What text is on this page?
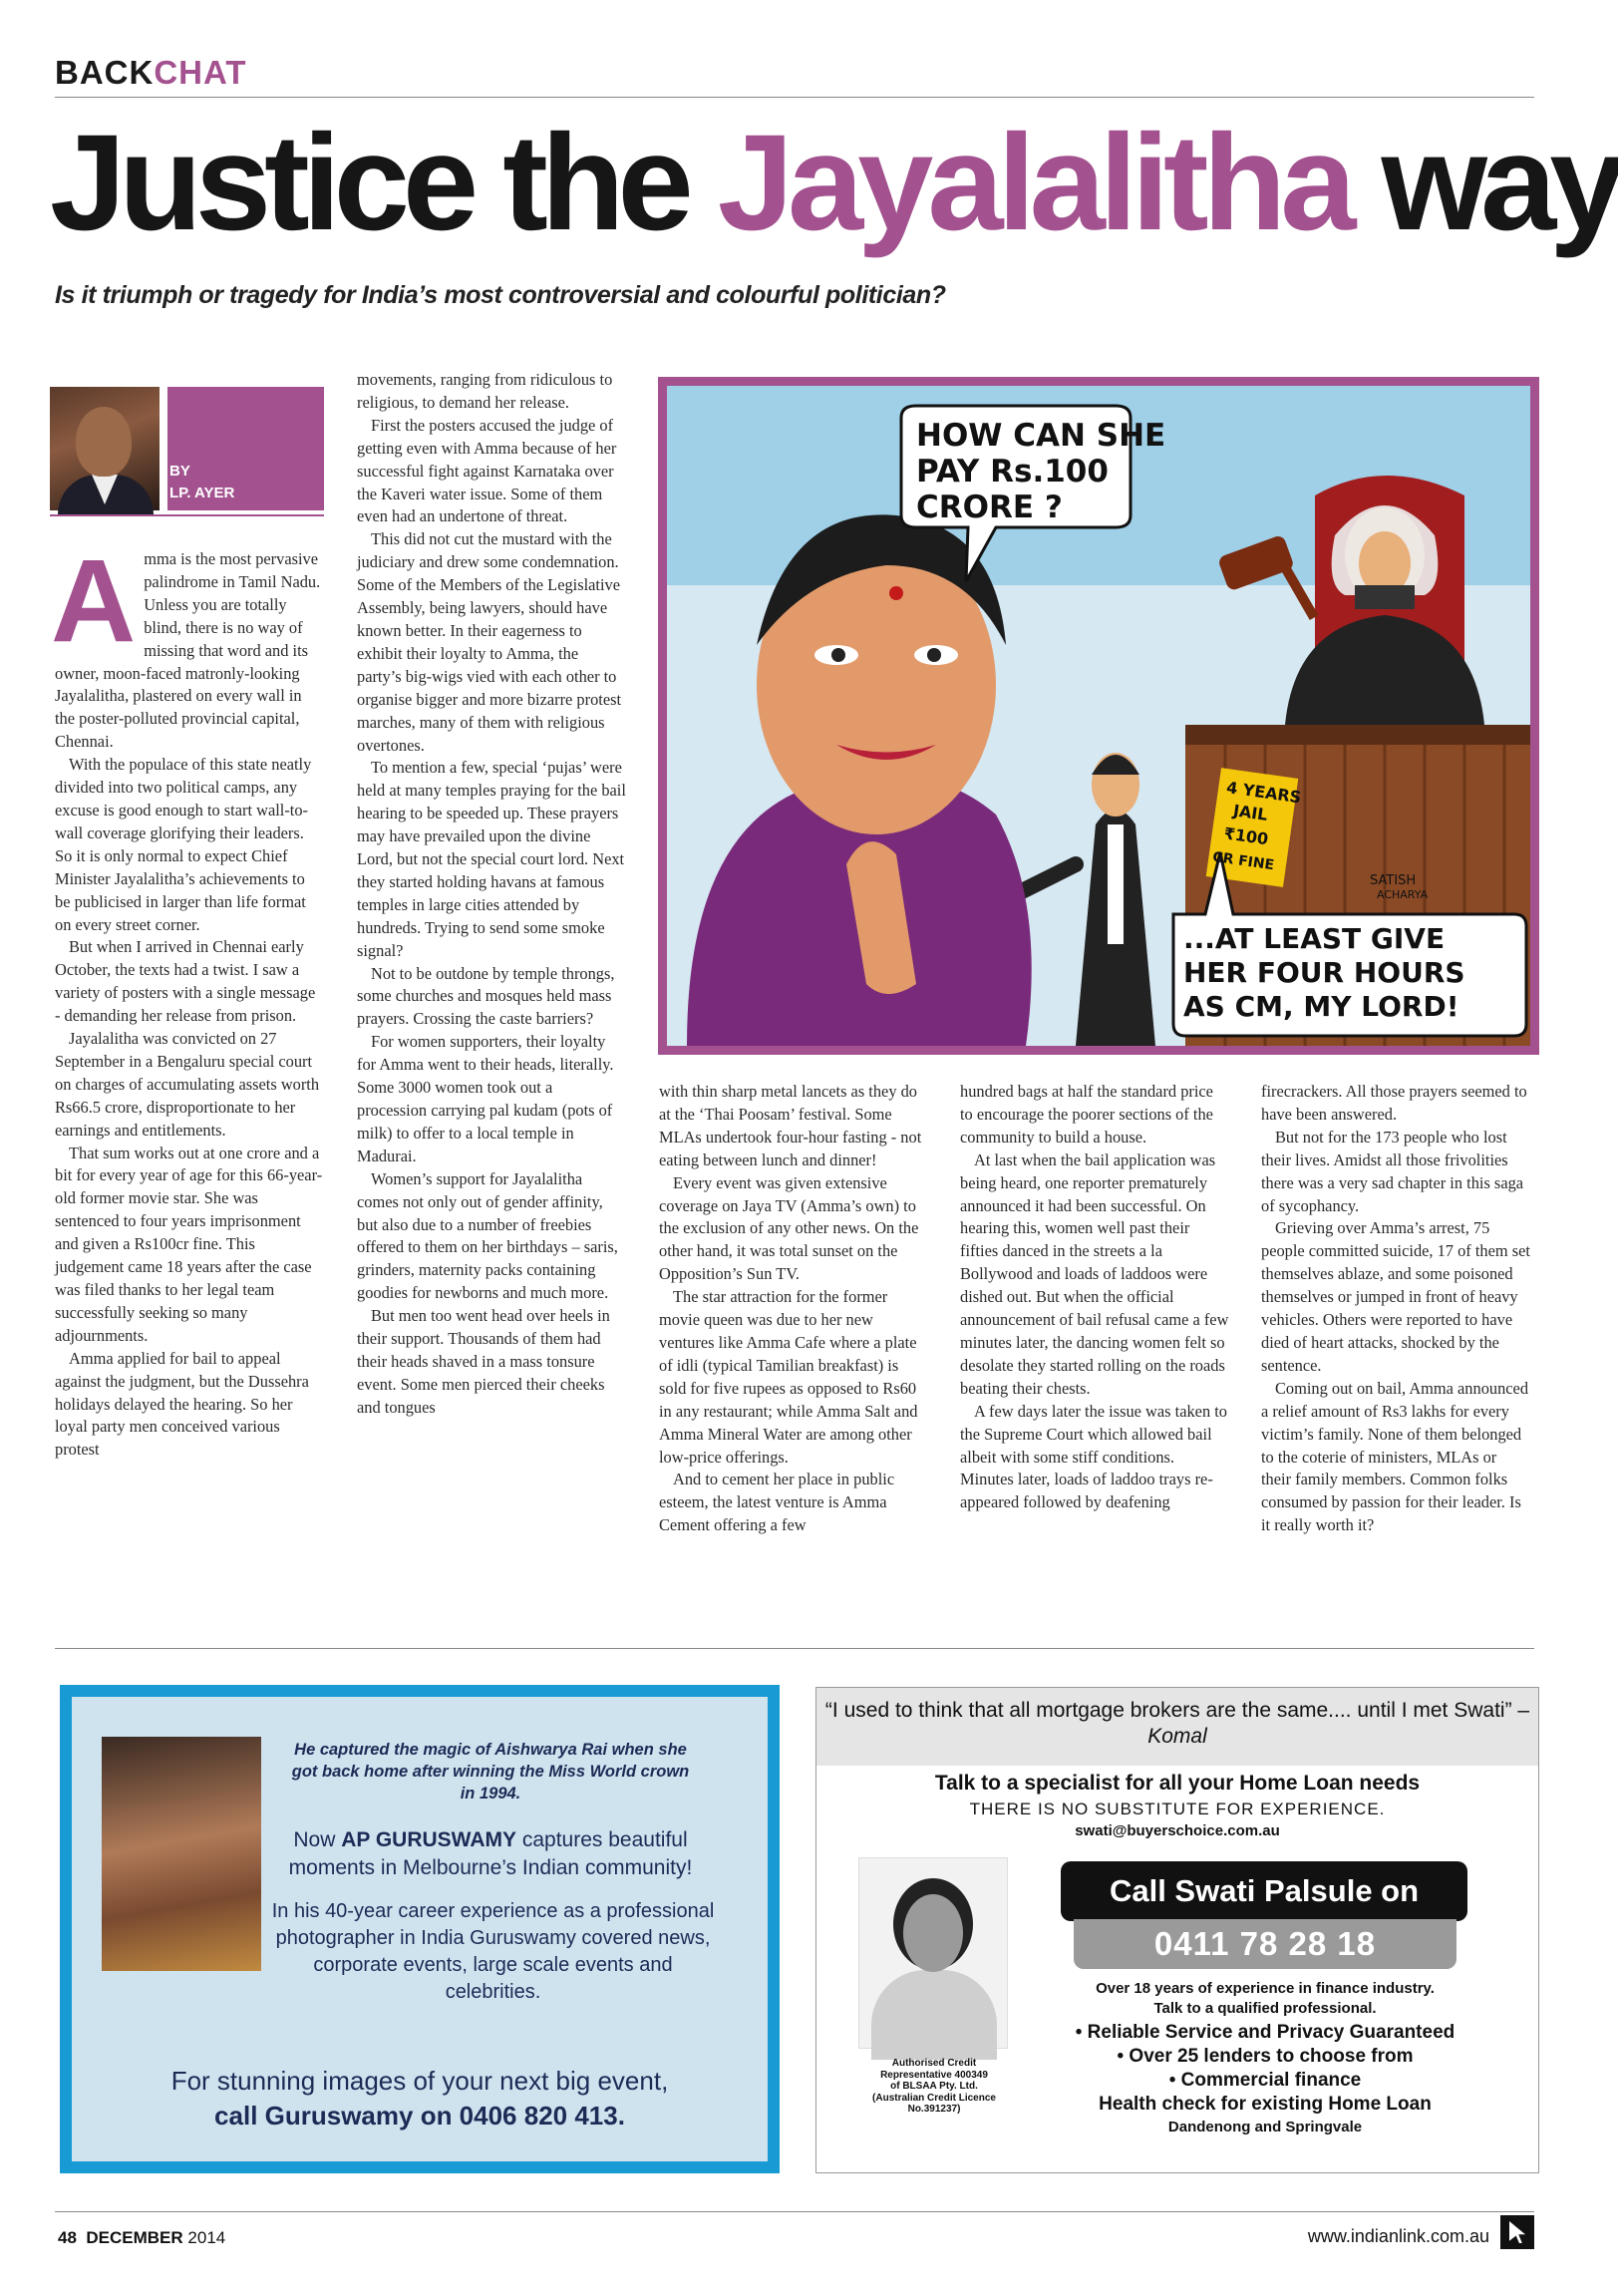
BACKCHAT
Justice the Jayalalitha way
Is it triumph or tragedy for India’s most controversial and colourful politician?
BY
LP. AYER
A mma is the most pervasive palindrome in Tamil Nadu. Unless you are totally blind, there is no way of missing that word and its owner, moon-faced matronly-looking Jayalalitha, plastered on every wall in the poster-polluted provincial capital, Chennai.

With the populace of this state neatly divided into two political camps, any excuse is good enough to start wall-to-wall coverage glorifying their leaders. So it is only normal to expect Chief Minister Jayalalitha’s achievements to be publicised in larger than life format on every street corner.

But when I arrived in Chennai early October, the texts had a twist. I saw a variety of posters with a single message - demanding her release from prison.

Jayalalitha was convicted on 27 September in a Bengaluru special court on charges of accumulating assets worth Rs66.5 crore, disproportionate to her earnings and entitlements.

That sum works out at one crore and a bit for every year of age for this 66-year-old former movie star. She was sentenced to four years imprisonment and given a Rs100cr fine. This judgement came 18 years after the case was filed thanks to her legal team successfully seeking so many adjournments.

Amma applied for bail to appeal against the judgment, but the Dussehra holidays delayed the hearing. So her loyal party men conceived various protest

movements, ranging from ridiculous to religious, to demand her release.

First the posters accused the judge of getting even with Amma because of her successful fight against Karnataka over the Kaveri water issue. Some of them even had an undertone of threat.

This did not cut the mustard with the judiciary and drew some condemnation. Some of the Members of the Legislative Assembly, being lawyers, should have known better. In their eagerness to exhibit their loyalty to Amma, the party’s big-wigs vied with each other to organise bigger and more bizarre protest marches, many of them with religious overtones.

To mention a few, special ‘pujas’ were held at many temples praying for the bail hearing to be speeded up. These prayers may have prevailed upon the divine Lord, but not the special court lord. Next they started holding havans at famous temples in large cities attended by hundreds. Trying to send some smoke signal?

Not to be outdone by temple throngs, some churches and mosques held mass prayers. Crossing the caste barriers?

For women supporters, their loyalty for Amma went to their heads, literally. Some 3000 women took out a procession carrying pal kudam (pots of milk) to offer to a local temple in Madurai.

Women’s support for Jayalalitha comes not only out of gender affinity, but also due to a number of freebies offered to them on her birthdays – saris, grinders, maternity packs containing goodies for newborns and much more.

But men too went head over heels in their support. Thousands of them had their heads shaved in a mass tonsure event. Some men pierced their cheeks and tongues

HOW CAN SHE
PAY Rs.100
CRORE ?
...AT LEAST GIVE
HER FOUR HOURS
AS CM, MY LORD!
4 YEARS
JAIL
₹100
CR FINE
SATISH
ACHARYA

with thin sharp metal lancets as they do at the ‘Thai Poosam’ festival. Some MLAs undertook four-hour fasting - not eating between lunch and dinner!

Every event was given extensive coverage on Jaya TV (Amma’s own) to the exclusion of any other news. On the other hand, it was total sunset on the Opposition’s Sun TV.

The star attraction for the former movie queen was due to her new ventures like Amma Cafe where a plate of idli (typical Tamilian breakfast) is sold for five rupees as opposed to Rs60 in any restaurant; while Amma Salt and Amma Mineral Water are among other low-price offerings.

And to cement her place in public esteem, the latest venture is Amma Cement offering a few

hundred bags at half the standard price to encourage the poorer sections of the community to build a house.

At last when the bail application was being heard, one reporter prematurely announced it had been successful. On hearing this, women well past their fifties danced in the streets a la Bollywood and loads of laddoos were dished out. But when the official announcement of bail refusal came a few minutes later, the dancing women felt so desolate they started rolling on the roads beating their chests.

A few days later the issue was taken to the Supreme Court which allowed bail albeit with some stiff conditions. Minutes later, loads of laddoo trays re-appeared followed by deafening

firecrackers. All those prayers seemed to have been answered.

But not for the 173 people who lost their lives. Amidst all those frivolities there was a very sad chapter in this saga of sycophancy.

Grieving over Amma’s arrest, 75 people committed suicide, 17 of them set themselves ablaze, and some poisoned themselves or jumped in front of heavy vehicles. Others were reported to have died of heart attacks, shocked by the sentence.

Coming out on bail, Amma announced a relief amount of Rs3 lakhs for every victim’s family. None of them belonged to the coterie of ministers, MLAs or their family members. Common folks consumed by passion for their leader. Is it really worth it?

He captured the magic of Aishwarya Rai when she got back home after winning the Miss World crown in 1994.
Now AP GURUSWAMY captures beautiful moments in Melbourne’s Indian community!
In his 40-year career experience as a professional photographer in India Guruswamy covered news, corporate events, large scale events and celebrities.
For stunning images of your next big event,
call Guruswamy on 0406 820 413.
“I used to think that all mortgage brokers are the same.... until I met Swati” – Komal
Talk to a specialist for all your Home Loan needs
THERE IS NO SUBSTITUTE FOR EXPERIENCE.
swati@buyerschoice.com.au
Authorised Credit
Representative 400349
of BLSAA Pty. Ltd.
(Australian Credit Licence
No.391237)
Call Swati Palsule on
0411 78 28 18
Over 18 years of experience in finance industry.
Talk to a qualified professional.
• Reliable Service and Privacy Guaranteed
• Over 25 lenders to choose from
• Commercial finance
Health check for existing Home Loan
Dandenong and Springvale
48 DECEMBER 2014	www.indianlink.com.au
